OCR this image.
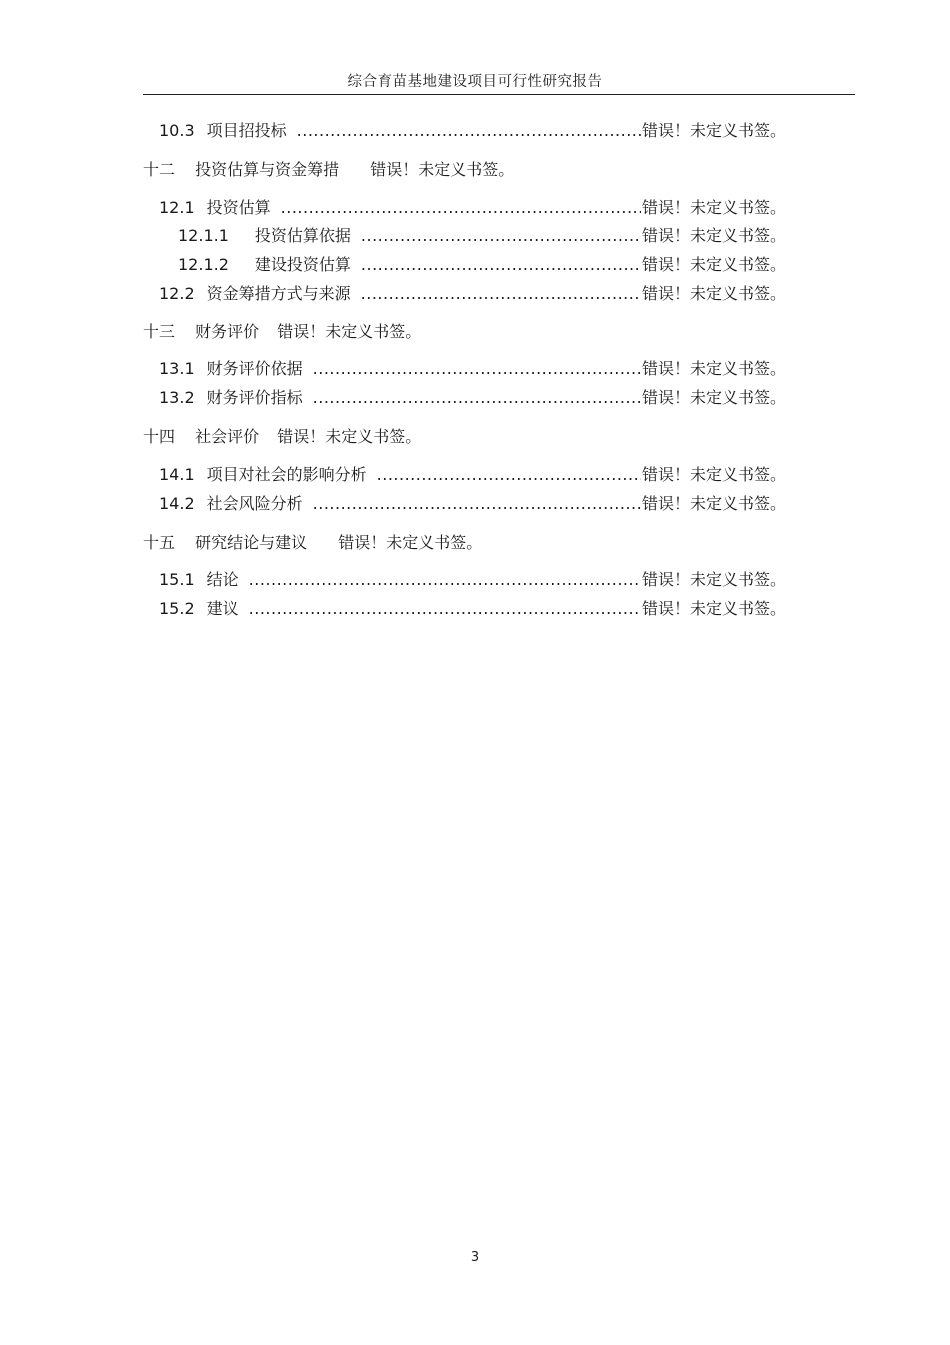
综合育苗基地建设项目可行性研究报告
10.3 项目招投标 .....	错误！未定义书签。
十二 投资估算与资金筹措 错误！未定义书签。
12.1 投资估算 .....	错误！未定义书签。
12.1.1 投资估算依据 .....	错误！未定义书签。
12.1.2 建设投资估算 .....	错误！未定义书签。
12.2 资金筹措方式与来源 .....	错误！未定义书签。
十三 财务评价 错误！未定义书签。
13.1 财务评价依据 .....	错误！未定义书签。
13.2 财务评价指标 .....	错误！未定义书签。
十四 社会评价 错误！未定义书签。
14.1 项目对社会的影响分析 .....	错误！未定义书签。
14.2 社会风险分析 .....	错误！未定义书签。
十五 研究结论与建议 错误！未定义书签。
15.1 结论 .....	错误！未定义书签。
15.2 建议 .....	错误！未定义书签。
3
